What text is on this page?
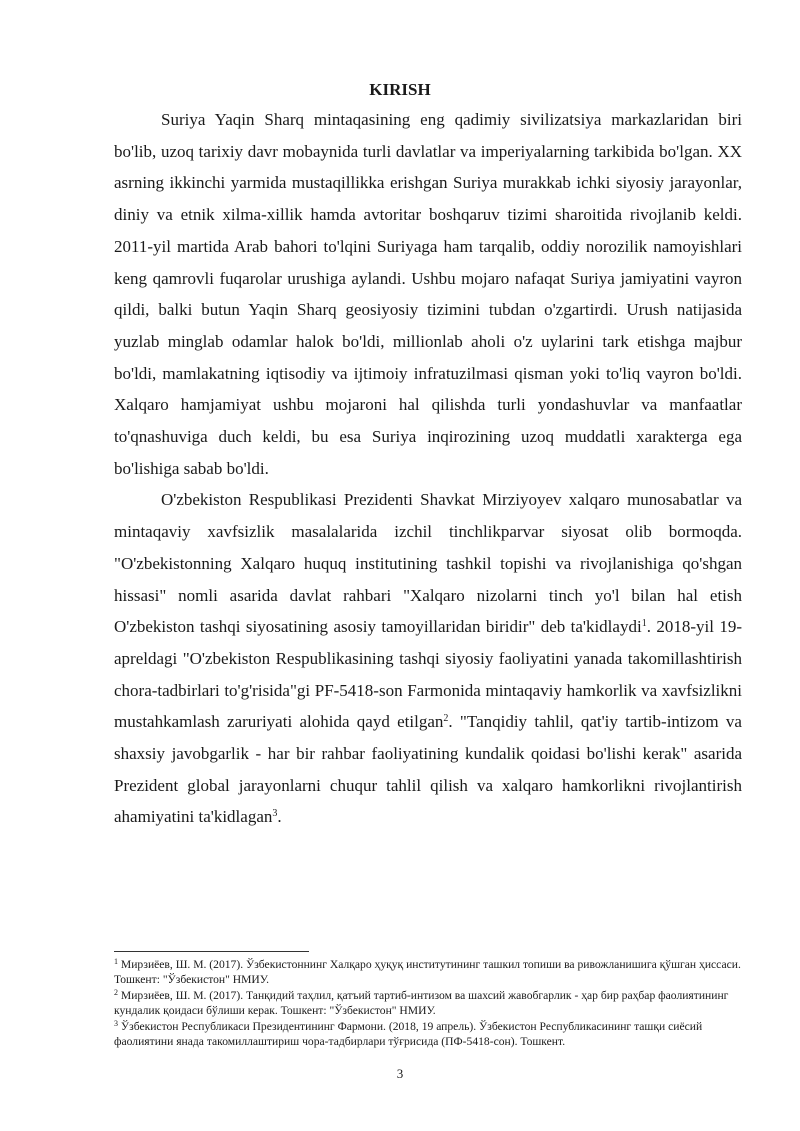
KIRISH

Suriya Yaqin Sharq mintaqasining eng qadimiy sivilizatsiya markazlaridan biri bo'lib, uzoq tarixiy davr mobaynida turli davlatlar va imperiyalarning tarkibida bo'lgan. XX asrning ikkinchi yarmida mustaqillikka erishgan Suriya murakkab ichki siyosiy jarayonlar, diniy va etnik xilma-xillik hamda avtoritar boshqaruv tizimi sharoitida rivojlanib keldi. 2011-yil martida Arab bahori to'lqini Suriyaga ham tarqalib, oddiy norozilik namoyishlari keng qamrovli fuqarolar urushiga aylandi. Ushbu mojaro nafaqat Suriya jamiyatini vayron qildi, balki butun Yaqin Sharq geosiyosiy tizimini tubdan o'zgartirdi. Urush natijasida yuzlab minglab odamlar halok bo'ldi, millionlab aholi o'z uylarini tark etishga majbur bo'ldi, mamlakatning iqtisodiy va ijtimoiy infratuzilmasi qisman yoki to'liq vayron bo'ldi. Xalqaro hamjamiyat ushbu mojaroni hal qilishda turli yondashuvlar va manfaatlar to'qnashuviga duch keldi, bu esa Suriya inqirozining uzoq muddatli xarakterga ega bo'lishiga sabab bo'ldi.

O'zbekiston Respublikasi Prezidenti Shavkat Mirziyoyev xalqaro munosabatlar va mintaqaviy xavfsizlik masalalarida izchil tinchlikparvar siyosat olib bormoqda. "O'zbekistonning Xalqaro huquq institutining tashkil topishi va rivojlanishiga qo'shgan hissasi" nomli asarida davlat rahbari "Xalqaro nizolarni tinch yo'l bilan hal etish O'zbekiston tashqi siyosatining asosiy tamoyillaridan biridir" deb ta'kidlaydi$^1$. 2018-yil 19-apreldagi "O'zbekiston Respublikasining tashqi siyosiy faoliyatini yanada takomillashtirish chora-tadbirlari to'g'risida"gi PF-5418-son Farmonida mintaqaviy hamkorlik va xavfsizlikni mustahkamlash zaruriyati alohida qayd etilgan$^2$. "Tanqidiy tahlil, qat'iy tartib-intizom va shaxsiy javobgarlik - har bir rahbar faoliyatining kundalik qoidasi bo'lishi kerak" asarida Prezident global jarayonlarni chuqur tahlil qilish va xalqaro hamkorlikni rivojlantirish ahamiyatini ta'kidlagan$^3$.

$^1$ Мирзиёев, Ш. М. (2017). Ўзбекистоннинг Халқаро ҳуқуқ институтининг ташкил топиши ва ривожланишига қўшган ҳиссаси. Тошкент: "Ўзбекистон" НМИУ.

$^2$ Мирзиёев, Ш. М. (2017). Танқидий таҳлил, қатъий тартиб-интизом ва шахсий жавобгарлик - ҳар бир раҳбар фаолиятининг кундалик қоидаси бўлиши керак. Тошкент: "Ўзбекистон" НМИУ.

$^3$ Ўзбекистон Республикаси Президентининг Фармони. (2018, 19 апрель). Ўзбекистон Республикасининг ташқи сиёсий фаолиятини янада такомиллаштириш чора-тадбирлари тўғрисида (ПФ-5418-сон). Тошкент.

3
